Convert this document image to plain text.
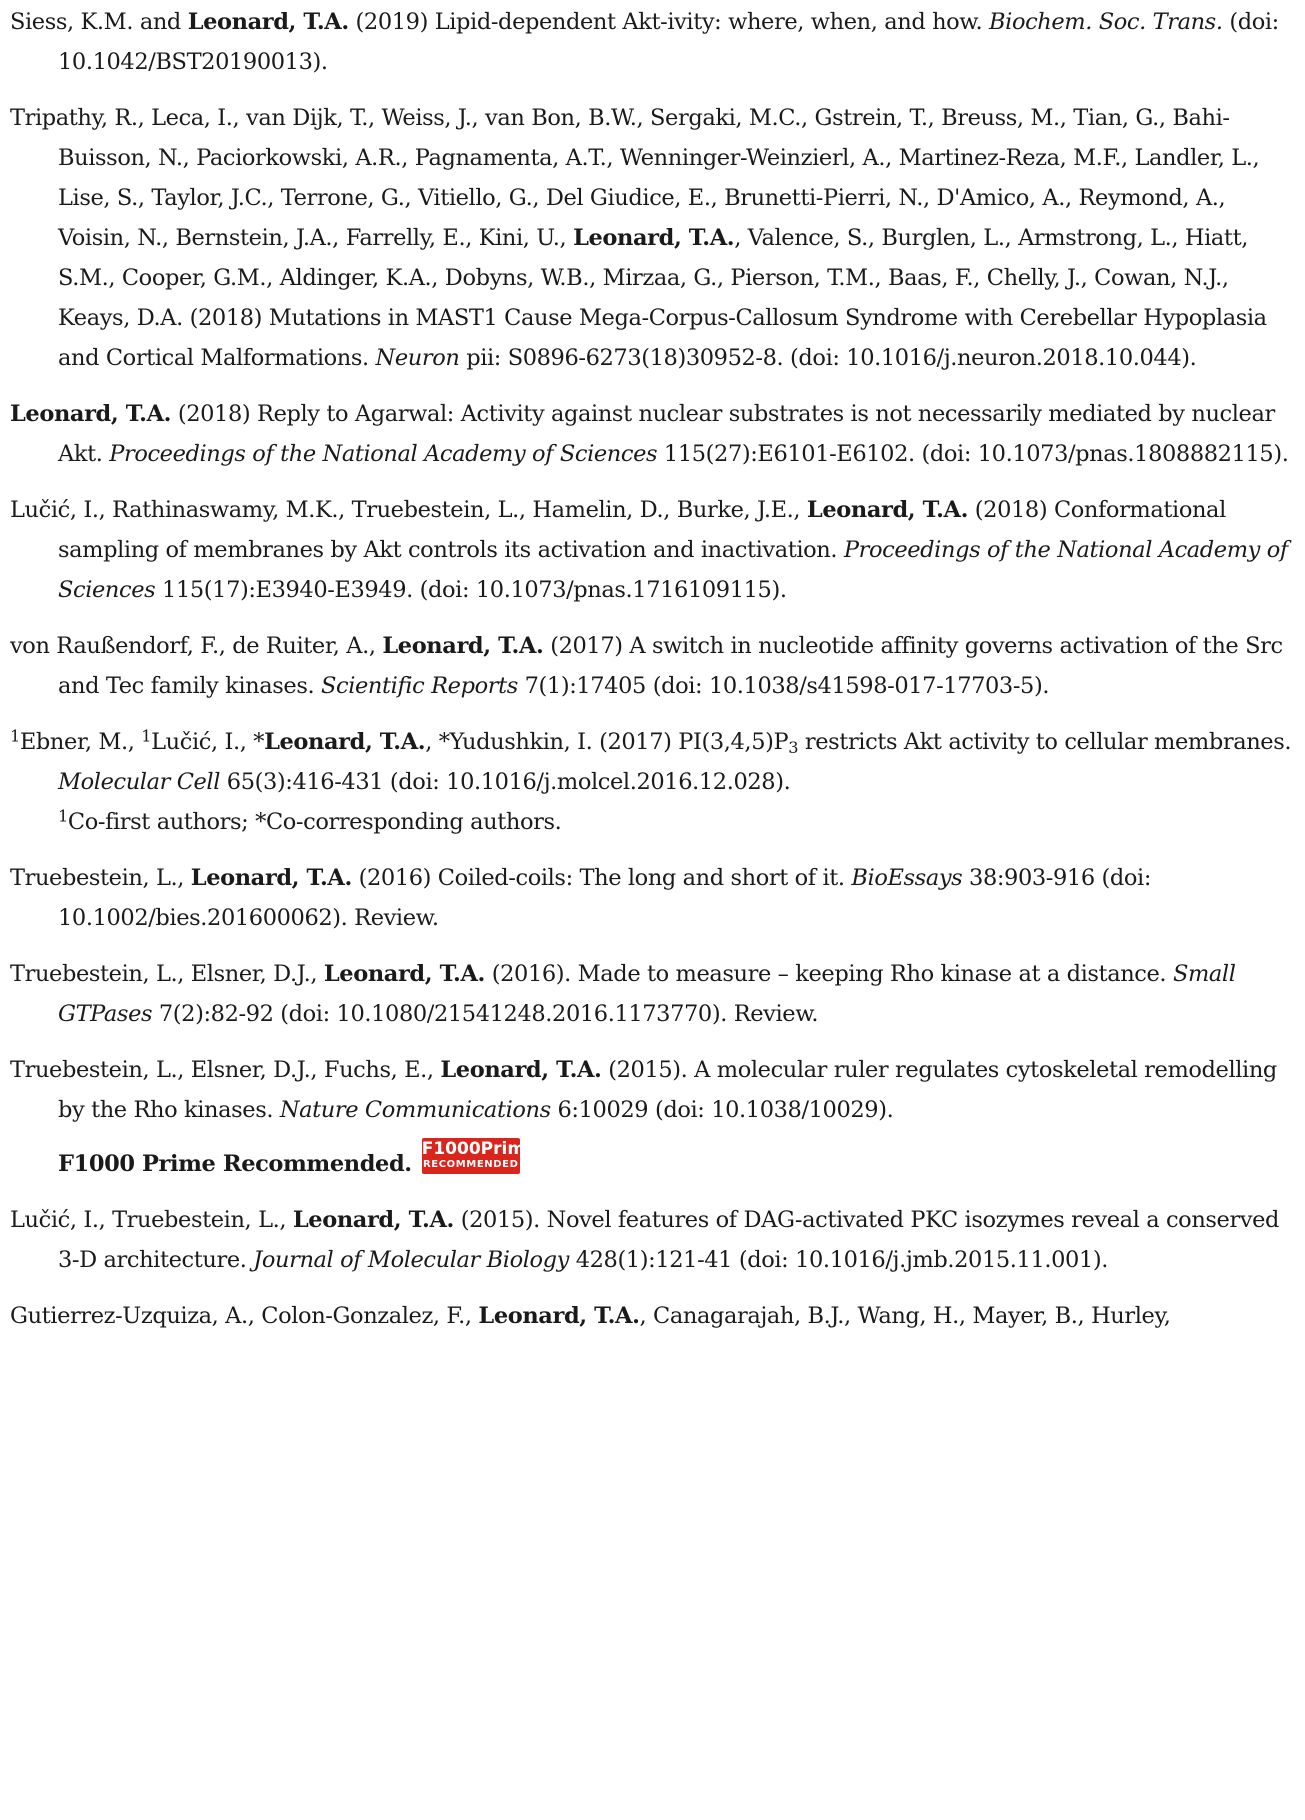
Siess, K.M. and Leonard, T.A. (2019) Lipid-dependent Akt-ivity: where, when, and how. Biochem. Soc. Trans. (doi: 10.1042/BST20190013).

Tripathy, R., Leca, I., van Dijk, T., Weiss, J., van Bon, B.W., Sergaki, M.C., Gstrein, T., Breuss, M., Tian, G., Bahi-Buisson, N., Paciorkowski, A.R., Pagnamenta, A.T., Wenninger-Weinzierl, A., Martinez-Reza, M.F., Landler, L., Lise, S., Taylor, J.C., Terrone, G., Vitiello, G., Del Giudice, E., Brunetti-Pierri, N., D'Amico, A., Reymond, A., Voisin, N., Bernstein, J.A., Farrelly, E., Kini, U., Leonard, T.A., Valence, S., Burglen, L., Armstrong, L., Hiatt, S.M., Cooper, G.M., Aldinger, K.A., Dobyns, W.B., Mirzaa, G., Pierson, T.M., Baas, F., Chelly, J., Cowan, N.J., Keays, D.A. (2018) Mutations in MAST1 Cause Mega-Corpus-Callosum Syndrome with Cerebellar Hypoplasia and Cortical Malformations. Neuron pii: S0896-6273(18)30952-8. (doi: 10.1016/j.neuron.2018.10.044).

Leonard, T.A. (2018) Reply to Agarwal: Activity against nuclear substrates is not necessarily mediated by nuclear Akt. Proceedings of the National Academy of Sciences 115(27):E6101-E6102. (doi: 10.1073/pnas.1808882115).

Lučić, I., Rathinaswamy, M.K., Truebestein, L., Hamelin, D., Burke, J.E., Leonard, T.A. (2018) Conformational sampling of membranes by Akt controls its activation and inactivation. Proceedings of the National Academy of Sciences 115(17):E3940-E3949. (doi: 10.1073/pnas.1716109115).

von Raußendorf, F., de Ruiter, A., Leonard, T.A. (2017) A switch in nucleotide affinity governs activation of the Src and Tec family kinases. Scientific Reports 7(1):17405 (doi: 10.1038/s41598-017-17703-5).

$^1$Ebner, M., $^1$Lučić, I., *Leonard, T.A., *Yudushkin, I. (2017) $PI(3,4,5)P_3$ restricts Akt activity to cellular membranes. Molecular Cell 65(3):416-431 (doi: 10.1016/j.molcel.2016.12.028).
$^1$Co-first authors; *Co-corresponding authors.

Truebestein, L., Leonard, T.A. (2016) Coiled-coils: The long and short of it. BioEssays 38:903-916 (doi: 10.1002/bies.201600062). Review.

Truebestein, L., Elsner, D.J., Leonard, T.A. (2016). Made to measure – keeping Rho kinase at a distance. Small GTPases 7(2):82-92 (doi: 10.1080/21541248.2016.1173770). Review.

Truebestein, L., Elsner, D.J., Fuchs, E., Leonard, T.A. (2015). A molecular ruler regulates cytoskeletal remodelling by the Rho kinases. Nature Communications 6:10029 (doi: 10.1038/10029).
F1000 Prime Recommended.
F1000Prime
RECOMMENDED

Lučić, I., Truebestein, L., Leonard, T.A. (2015). Novel features of DAG-activated PKC isozymes reveal a conserved 3-D architecture. Journal of Molecular Biology 428(1):121-41 (doi: 10.1016/j.jmb.2015.11.001).

Gutierrez-Uzquiza, A., Colon-Gonzalez, F., Leonard, T.A., Canagarajah, B.J., Wang, H., Mayer, B., Hurley,
